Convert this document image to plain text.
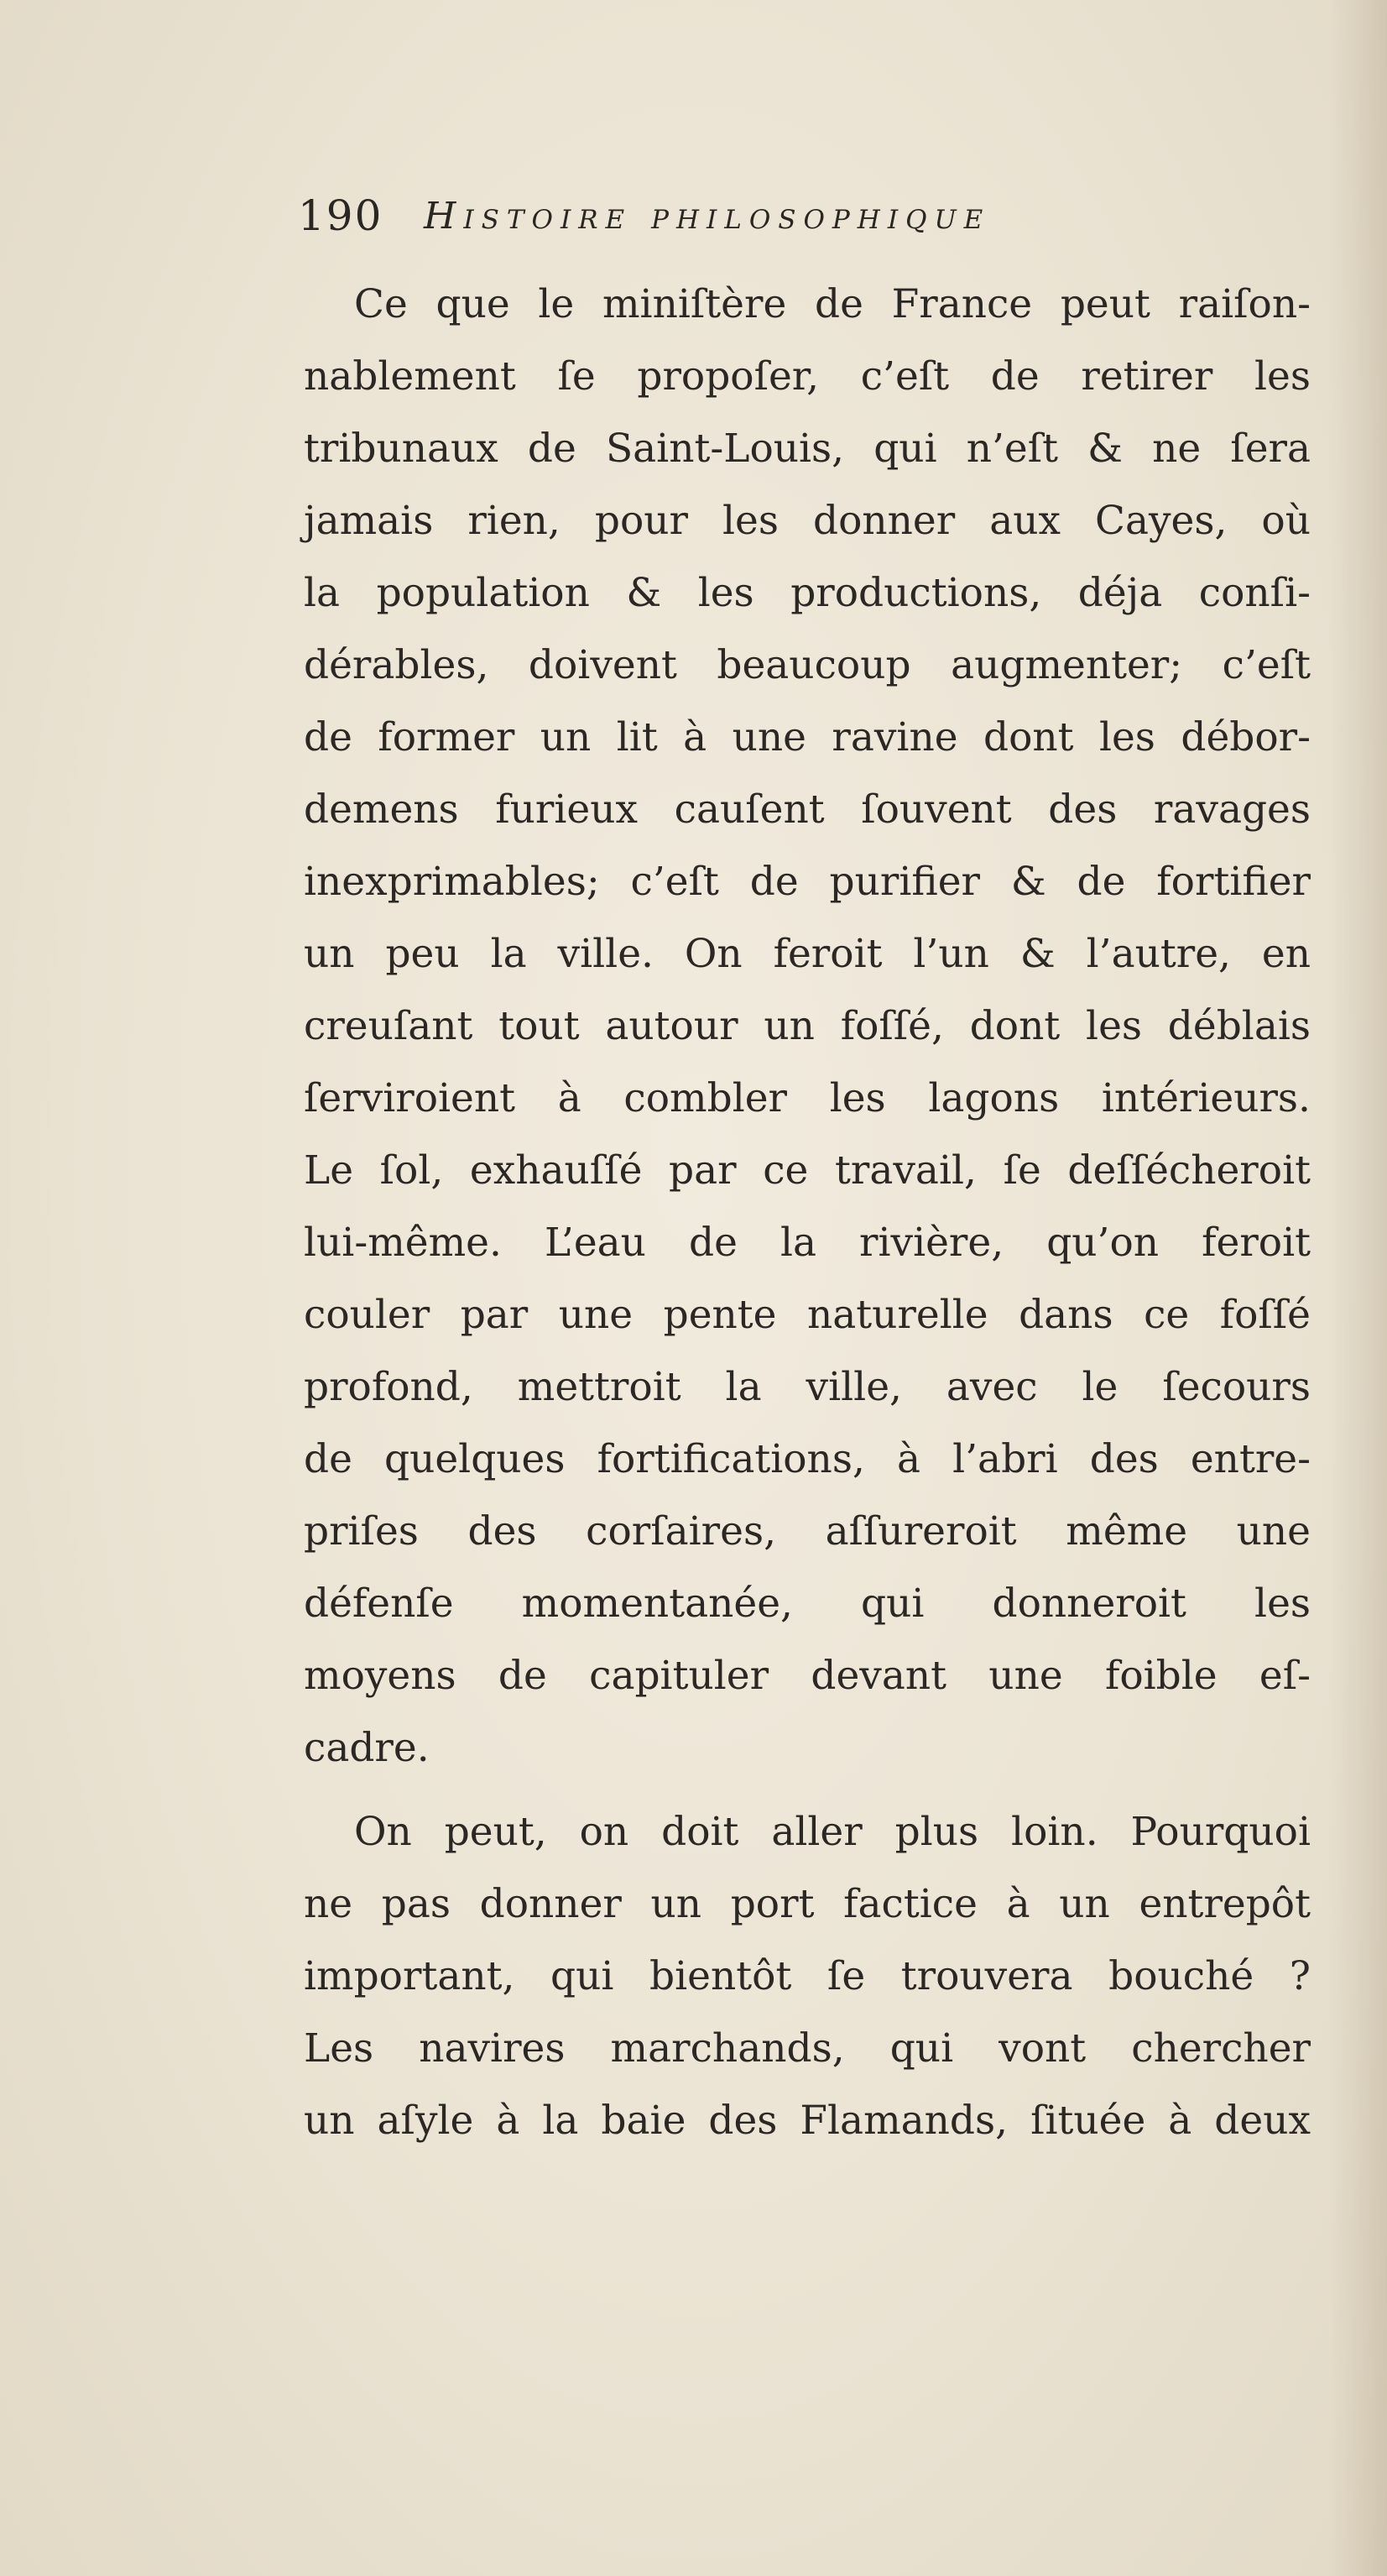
190 Histoire philosophique
Ce que le miniſtère de France peut raiſon-
nablement ſe propoſer, c’eſt de retirer les
tribunaux de Saint-Louis, qui n’eſt & ne ſera
jamais rien, pour les donner aux Cayes, où
la population & les productions, déja conſi-
dérables, doivent beaucoup augmenter; c’eſt
de former un lit à une ravine dont les débor-
demens furieux cauſent ſouvent des ravages
inexprimables; c’eſt de purifier & de fortifier
un peu la ville. On feroit l’un & l’autre, en
creuſant tout autour un foſſé, dont les déblais
ſerviroient à combler les lagons intérieurs.
Le ſol, exhauſſé par ce travail, ſe deſſécheroit
lui-même. L’eau de la rivière, qu’on feroit
couler par une pente naturelle dans ce foſſé
profond, mettroit la ville, avec le ſecours
de quelques fortifications, à l’abri des entre-
priſes des corſaires, aſſureroit même une
défenſe momentanée, qui donneroit les
moyens de capituler devant une foible eſ-
cadre.
On peut, on doit aller plus loin. Pourquoi
ne pas donner un port factice à un entrepôt
important, qui bientôt ſe trouvera bouché ?
Les navires marchands, qui vont chercher
un aſyle à la baie des Flamands, ſituée à deux
